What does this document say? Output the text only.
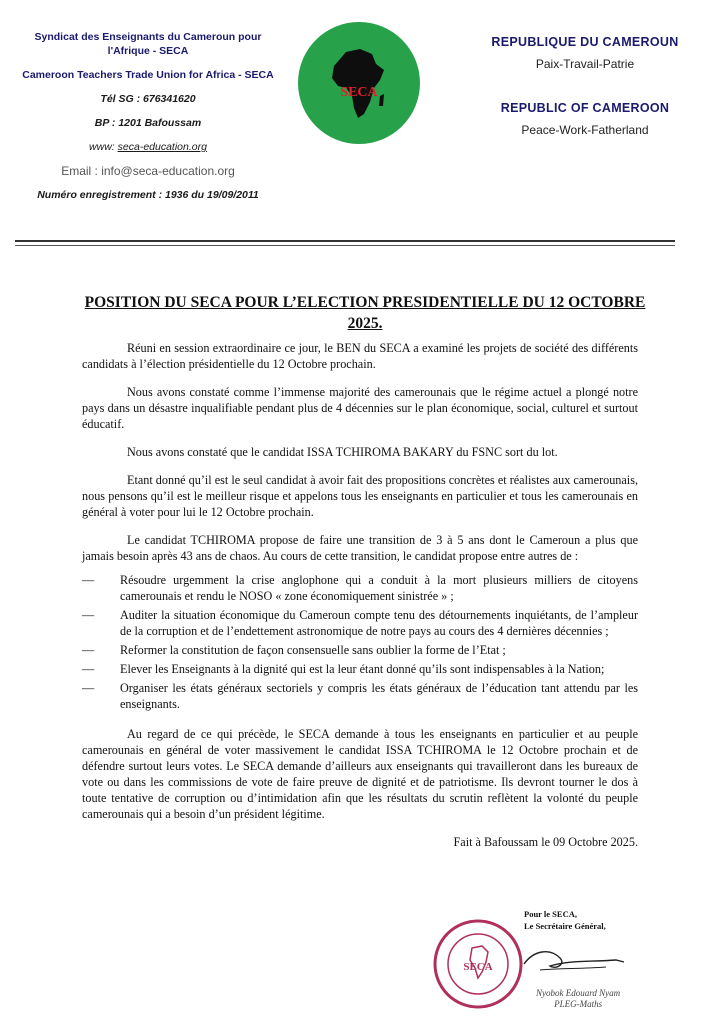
Syndicat des Enseignants du Cameroun pour l'Afrique - SECA
Cameroon Teachers Trade Union for Africa - SECA
Tél SG : 676341620
BP : 1201 Bafoussam
www: seca-education.org
Email : info@seca-education.org
Numéro enregistrement : 1936 du 19/09/2011
SECA
REPUBLIQUE DU CAMEROUN
Paix-Travail-Patrie
REPUBLIC OF CAMEROON
Peace-Work-Fatherland
POSITION DU SECA POUR L’ELECTION PRESIDENTIELLE DU 12 OCTOBRE 2025.

Réuni en session extraordinaire ce jour, le BEN du SECA a examiné les projets de société des différents candidats à l’élection présidentielle du 12 Octobre prochain.

Nous avons constaté comme l’immense majorité des camerounais que le régime actuel a plongé notre pays dans un désastre inqualifiable pendant plus de 4 décennies sur le plan économique, social, culturel et surtout éducatif.

Nous avons constaté que le candidat ISSA TCHIROMA BAKARY du FSNC sort du lot.

Etant donné qu’il est le seul candidat à avoir fait des propositions concrètes et réalistes aux camerounais, nous pensons qu’il est le meilleur risque et appelons tous les enseignants en particulier et tous les camerounais en général à voter pour lui le 12 Octobre prochain.

Le candidat TCHIROMA propose de faire une transition de 3 à 5 ans dont le Cameroun a plus que jamais besoin après 43 ans de chaos. Au cours de cette transition, le candidat propose entre autres de :

— Résoudre urgemment la crise anglophone qui a conduit à la mort plusieurs milliers de citoyens camerounais et rendu le NOSO « zone économiquement sinistrée » ;
— Auditer la situation économique du Cameroun compte tenu des détournements inquiétants, de l’ampleur de la corruption et de l’endettement astronomique de notre pays au cours des 4 dernières décennies ;
— Reformer la constitution de façon consensuelle sans oublier la forme de l’Etat ;
— Elever les Enseignants à la dignité qui est la leur étant donné qu’ils sont indispensables à la Nation;
— Organiser les états généraux sectoriels y compris les états généraux de l’éducation tant attendu par les enseignants.

Au regard de ce qui précède, le SECA demande à tous les enseignants en particulier et au peuple camerounais en général de voter massivement le candidat ISSA TCHIROMA le 12 Octobre prochain et de défendre surtout leurs votes. Le SECA demande d’ailleurs aux enseignants qui travailleront dans les bureaux de vote ou dans les commissions de vote de faire preuve de dignité et de patriotisme. Ils devront tourner le dos à toute tentative de corruption ou d’intimidation afin que les résultats du scrutin reflètent la volonté du peuple camerounais qui a besoin d’un président légitime.

Fait à Bafoussam le 09 Octobre 2025.
Pour le SECA,
Le Secrétaire Général,
SECA
Nyobok Edouard Nyam
PLEG-Maths
